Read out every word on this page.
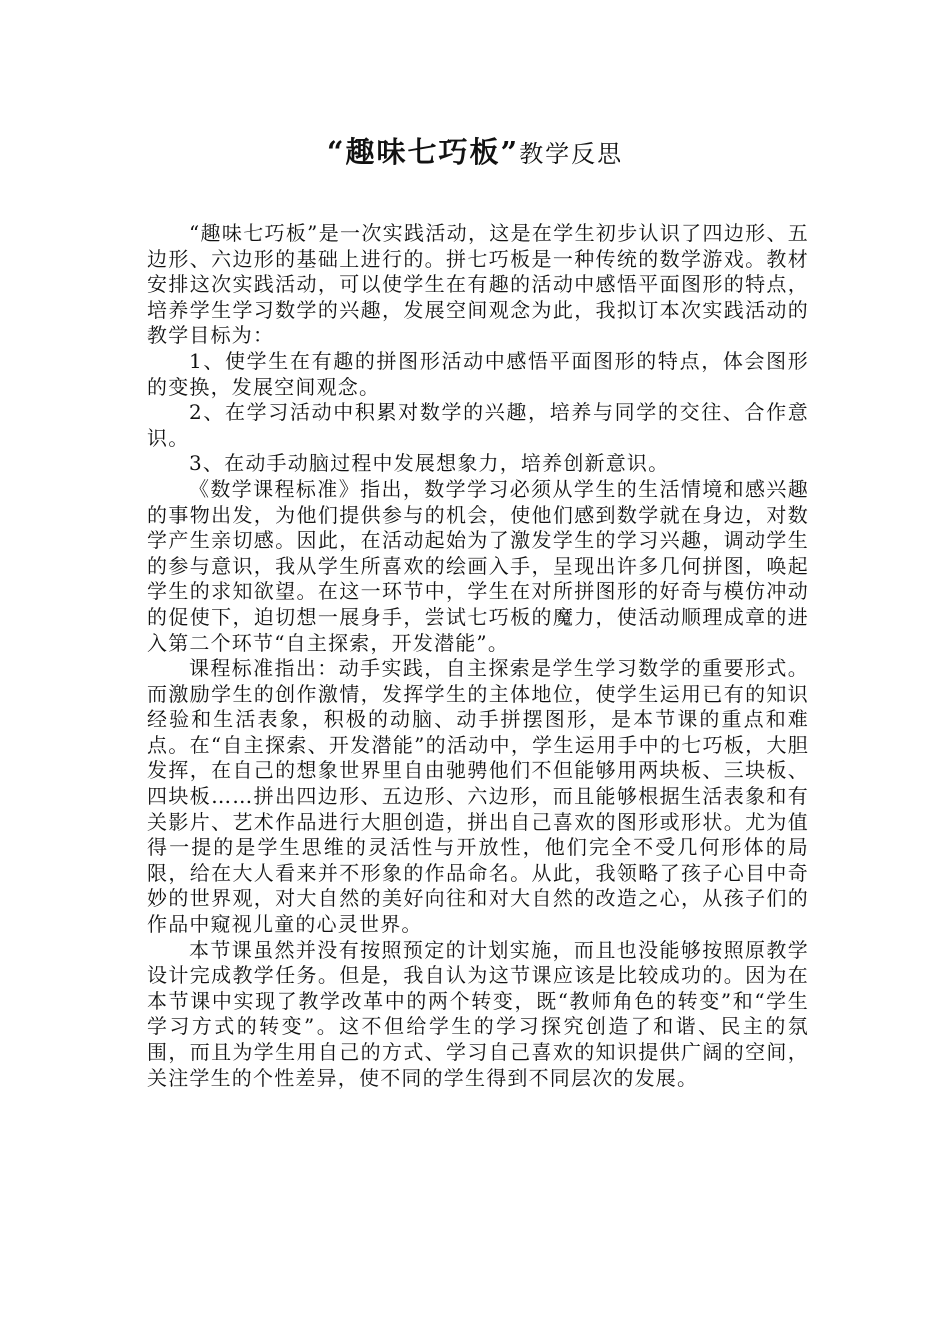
“趣味七巧板”教学反思

“趣味七巧板”是一次实践活动，这是在学生初步认识了四边形、五边形、六边形的基础上进行的。拼七巧板是一种传统的数学游戏。教材安排这次实践活动，可以使学生在有趣的活动中感悟平面图形的特点，培养学生学习数学的兴趣，发展空间观念为此，我拟订本次实践活动的教学目标为：

1、使学生在有趣的拼图形活动中感悟平面图形的特点，体会图形的变换，发展空间观念。

2、在学习活动中积累对数学的兴趣，培养与同学的交往、合作意识。

3、在动手动脑过程中发展想象力，培养创新意识。

《数学课程标准》指出，数学学习必须从学生的生活情境和感兴趣的事物出发，为他们提供参与的机会，使他们感到数学就在身边，对数学产生亲切感。因此，在活动起始为了激发学生的学习兴趣，调动学生的参与意识，我从学生所喜欢的绘画入手，呈现出许多几何拼图，唤起学生的求知欲望。在这一环节中，学生在对所拼图形的好奇与模仿冲动的促使下，迫切想一展身手，尝试七巧板的魔力，使活动顺理成章的进入第二个环节“自主探索，开发潜能”。

课程标准指出：动手实践，自主探索是学生学习数学的重要形式。而激励学生的创作激情，发挥学生的主体地位，使学生运用已有的知识经验和生活表象，积极的动脑、动手拼摆图形，是本节课的重点和难点。在“自主探索、开发潜能”的活动中，学生运用手中的七巧板，大胆发挥，在自己的想象世界里自由驰骋他们不但能够用两块板、三块板、四块板……拼出四边形、五边形、六边形，而且能够根据生活表象和有关影片、艺术作品进行大胆创造，拼出自己喜欢的图形或形状。尤为值得一提的是学生思维的灵活性与开放性，他们完全不受几何形体的局限，给在大人看来并不形象的作品命名。从此，我领略了孩子心目中奇妙的世界观，对大自然的美好向往和对大自然的改造之心，从孩子们的作品中窥视儿童的心灵世界。

本节课虽然并没有按照预定的计划实施，而且也没能够按照原教学设计完成教学任务。但是，我自认为这节课应该是比较成功的。因为在本节课中实现了教学改革中的两个转变，既“教师角色的转变”和“学生学习方式的转变”。这不但给学生的学习探究创造了和谐、民主的氛围，而且为学生用自己的方式、学习自己喜欢的知识提供广阔的空间，关注学生的个性差异，使不同的学生得到不同层次的发展。
